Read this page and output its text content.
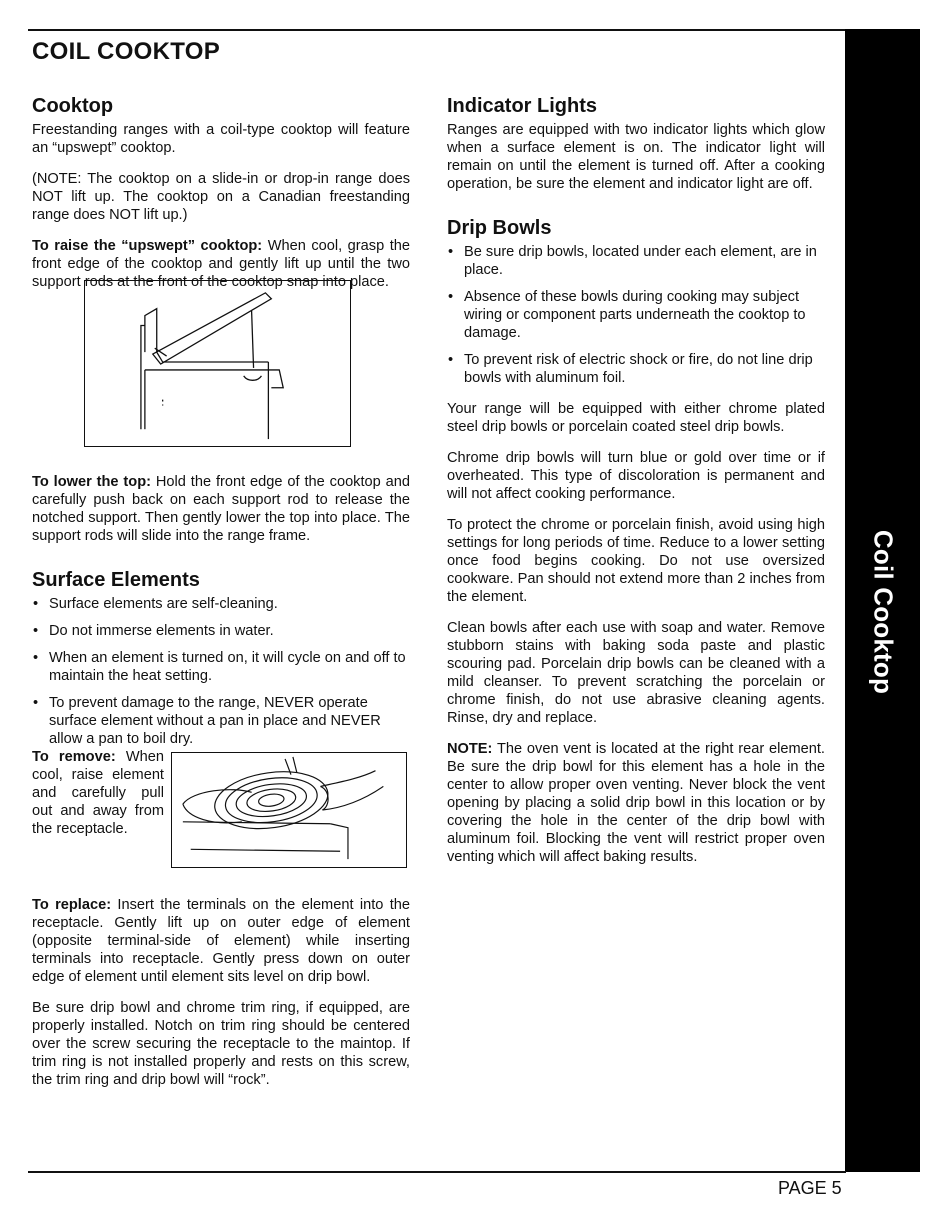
Coil Cooktop
COIL COOKTOP
Cooktop

Freestanding ranges with a coil-type cooktop will feature an “upswept” cooktop.

(NOTE: The cooktop on a slide-in or drop-in range does NOT lift up. The cooktop on a Canadian freestanding range does NOT lift up.)

To raise the “upswept” cooktop: When cool, grasp the front edge of the cooktop and gently lift up until the two support rods at the front of the cooktop snap into place.

To lower the top: Hold the front edge of the cooktop and carefully push back on each support rod to release the notched support. Then gently lower the top into place. The support rods will slide into the range frame.

Surface Elements
• Surface elements are self-cleaning.
• Do not immerse elements in water.
• When an element is turned on, it will cycle on and off to maintain the heat setting.
• To prevent damage to the range, NEVER operate surface element without a pan in place and NEVER allow a pan to boil dry.

To remove: When cool, raise element and carefully pull out and away from the receptacle.

To replace: Insert the terminals on the element into the receptacle. Gently lift up on outer edge of element (opposite terminal-side of element) while inserting terminals into receptacle. Gently press down on outer edge of element until element sits level on drip bowl.

Be sure drip bowl and chrome trim ring, if equipped, are properly installed. Notch on trim ring should be centered over the screw securing the receptacle to the maintop. If trim ring is not installed properly and rests on this screw, the trim ring and drip bowl will “rock”.

Indicator Lights

Ranges are equipped with two indicator lights which glow when a surface element is on. The indicator light will remain on until the element is turned off. After a cooking operation, be sure the element and indicator light are off.

Drip Bowls
• Be sure drip bowls, located under each element, are in place.
• Absence of these bowls during cooking may subject wiring or component parts underneath the cooktop to damage.
• To prevent risk of electric shock or fire, do not line drip bowls with aluminum foil.

Your range will be equipped with either chrome plated steel drip bowls or porcelain coated steel drip bowls.

Chrome drip bowls will turn blue or gold over time or if overheated. This type of discoloration is permanent and will not affect cooking performance.

To protect the chrome or porcelain finish, avoid using high settings for long periods of time. Reduce to a lower setting once food begins cooking. Do not use oversized cookware. Pan should not extend more than 2 inches from the element.

Clean bowls after each use with soap and water. Remove stubborn stains with baking soda paste and plastic scouring pad. Porcelain drip bowls can be cleaned with a mild cleanser. To prevent scratching the porcelain or chrome finish, do not use abrasive cleaning agents. Rinse, dry and replace.

NOTE: The oven vent is located at the right rear element. Be sure the drip bowl for this element has a hole in the center to allow proper oven venting. Never block the vent opening by placing a solid drip bowl in this location or by covering the hole in the center of the drip bowl with aluminum foil. Blocking the vent will restrict proper oven venting which will affect baking results.

PAGE 5
